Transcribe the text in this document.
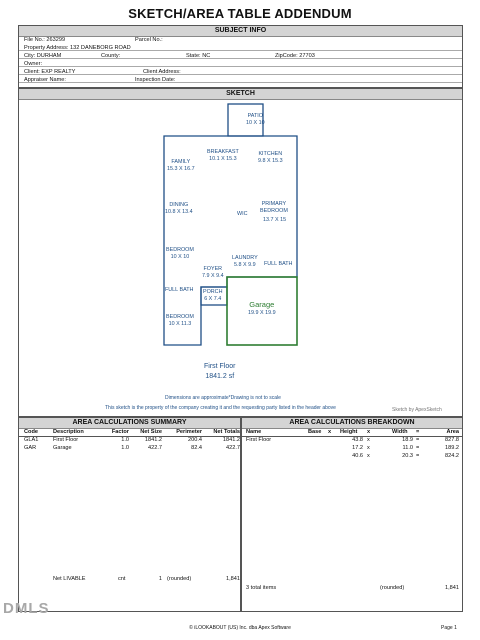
SKETCH/AREA TABLE ADDENDUM
SUBJECT INFO
File No.: 263299	Parcel No.:
Property Address: 132 DANEBORG ROAD
City: DURHAM	County:	State: NC	ZipCode: 27703
Owner:
Client: EXP REALTY	Client Address:
Appraiser Name:	Inspection Date:
SKETCH
PATIO
10 X 10
BREAKFAST
10.1 X 15.3
KITCHEN
9.8 X 15.3
FAMILY
15.3 X 16.7
DINING
10.8 X 13.4	WIC
PRIMARY
BEDROOM
13.7 X 15
BEDROOM
10 X 10	LAUNDRY
5.8 X 9.9	FULL BATH
FOYER
7.9 X 9.4
FULL BATH PORCH
6 X 7.4
Garage
19.9 X 19.9
BEDROOM
10 X 11.3
First Floor
1841.2 sf
Dimensions are approximate*Drawing is not to scale
This sketch is the property of the company creating it and the requesting party listed in the header above	Sketch by ApexSketch
AREA CALCULATIONS SUMMARY
Code	Description	Factor	Net Size	Perimeter	Net Totals
GLA1	First Floor	1.0	1841.2	200.4	1841.2
GAR	Garage	1.0	422.7	82.4	422.7
Net LIVABLE	cnt	1 (rounded)	1,841
AREA CALCULATIONS BREAKDOWN
Name	Base x Height x	Width =	Area
First Floor	43.8 x	18.9 =	827.8
17.2 x	11.0 =	189.2
40.6 x	20.3 =	824.2
3 total items	(rounded)	1,841
DMLS
© iLOOKABOUT (US) Inc. dba Apex Software	Page 1
